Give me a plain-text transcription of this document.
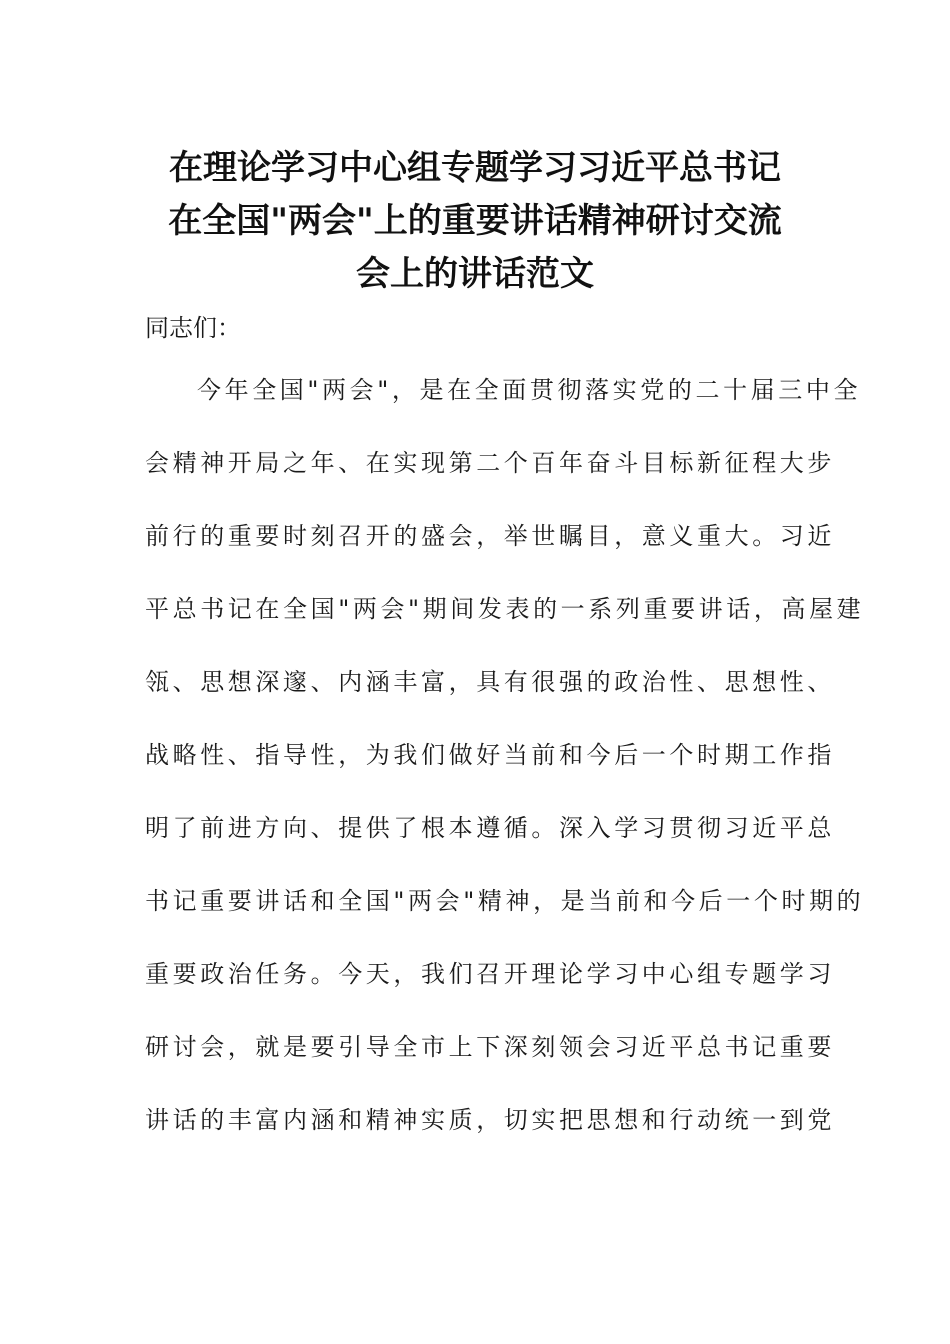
在理论学习中心组专题学习习近平总书记
在全国"两会"上的重要讲话精神研讨交流
会上的讲话范文

同志们：

今年全国"两会"，是在全面贯彻落实党的二十届三中全
会精神开局之年、在实现第二个百年奋斗目标新征程大步
前行的重要时刻召开的盛会，举世瞩目，意义重大。习近
平总书记在全国"两会"期间发表的一系列重要讲话，高屋建
瓴、思想深邃、内涵丰富，具有很强的政治性、思想性、
战略性、指导性，为我们做好当前和今后一个时期工作指
明了前进方向、提供了根本遵循。深入学习贯彻习近平总
书记重要讲话和全国"两会"精神，是当前和今后一个时期的
重要政治任务。今天，我们召开理论学习中心组专题学习
研讨会，就是要引导全市上下深刻领会习近平总书记重要
讲话的丰富内涵和精神实质，切实把思想和行动统一到党
